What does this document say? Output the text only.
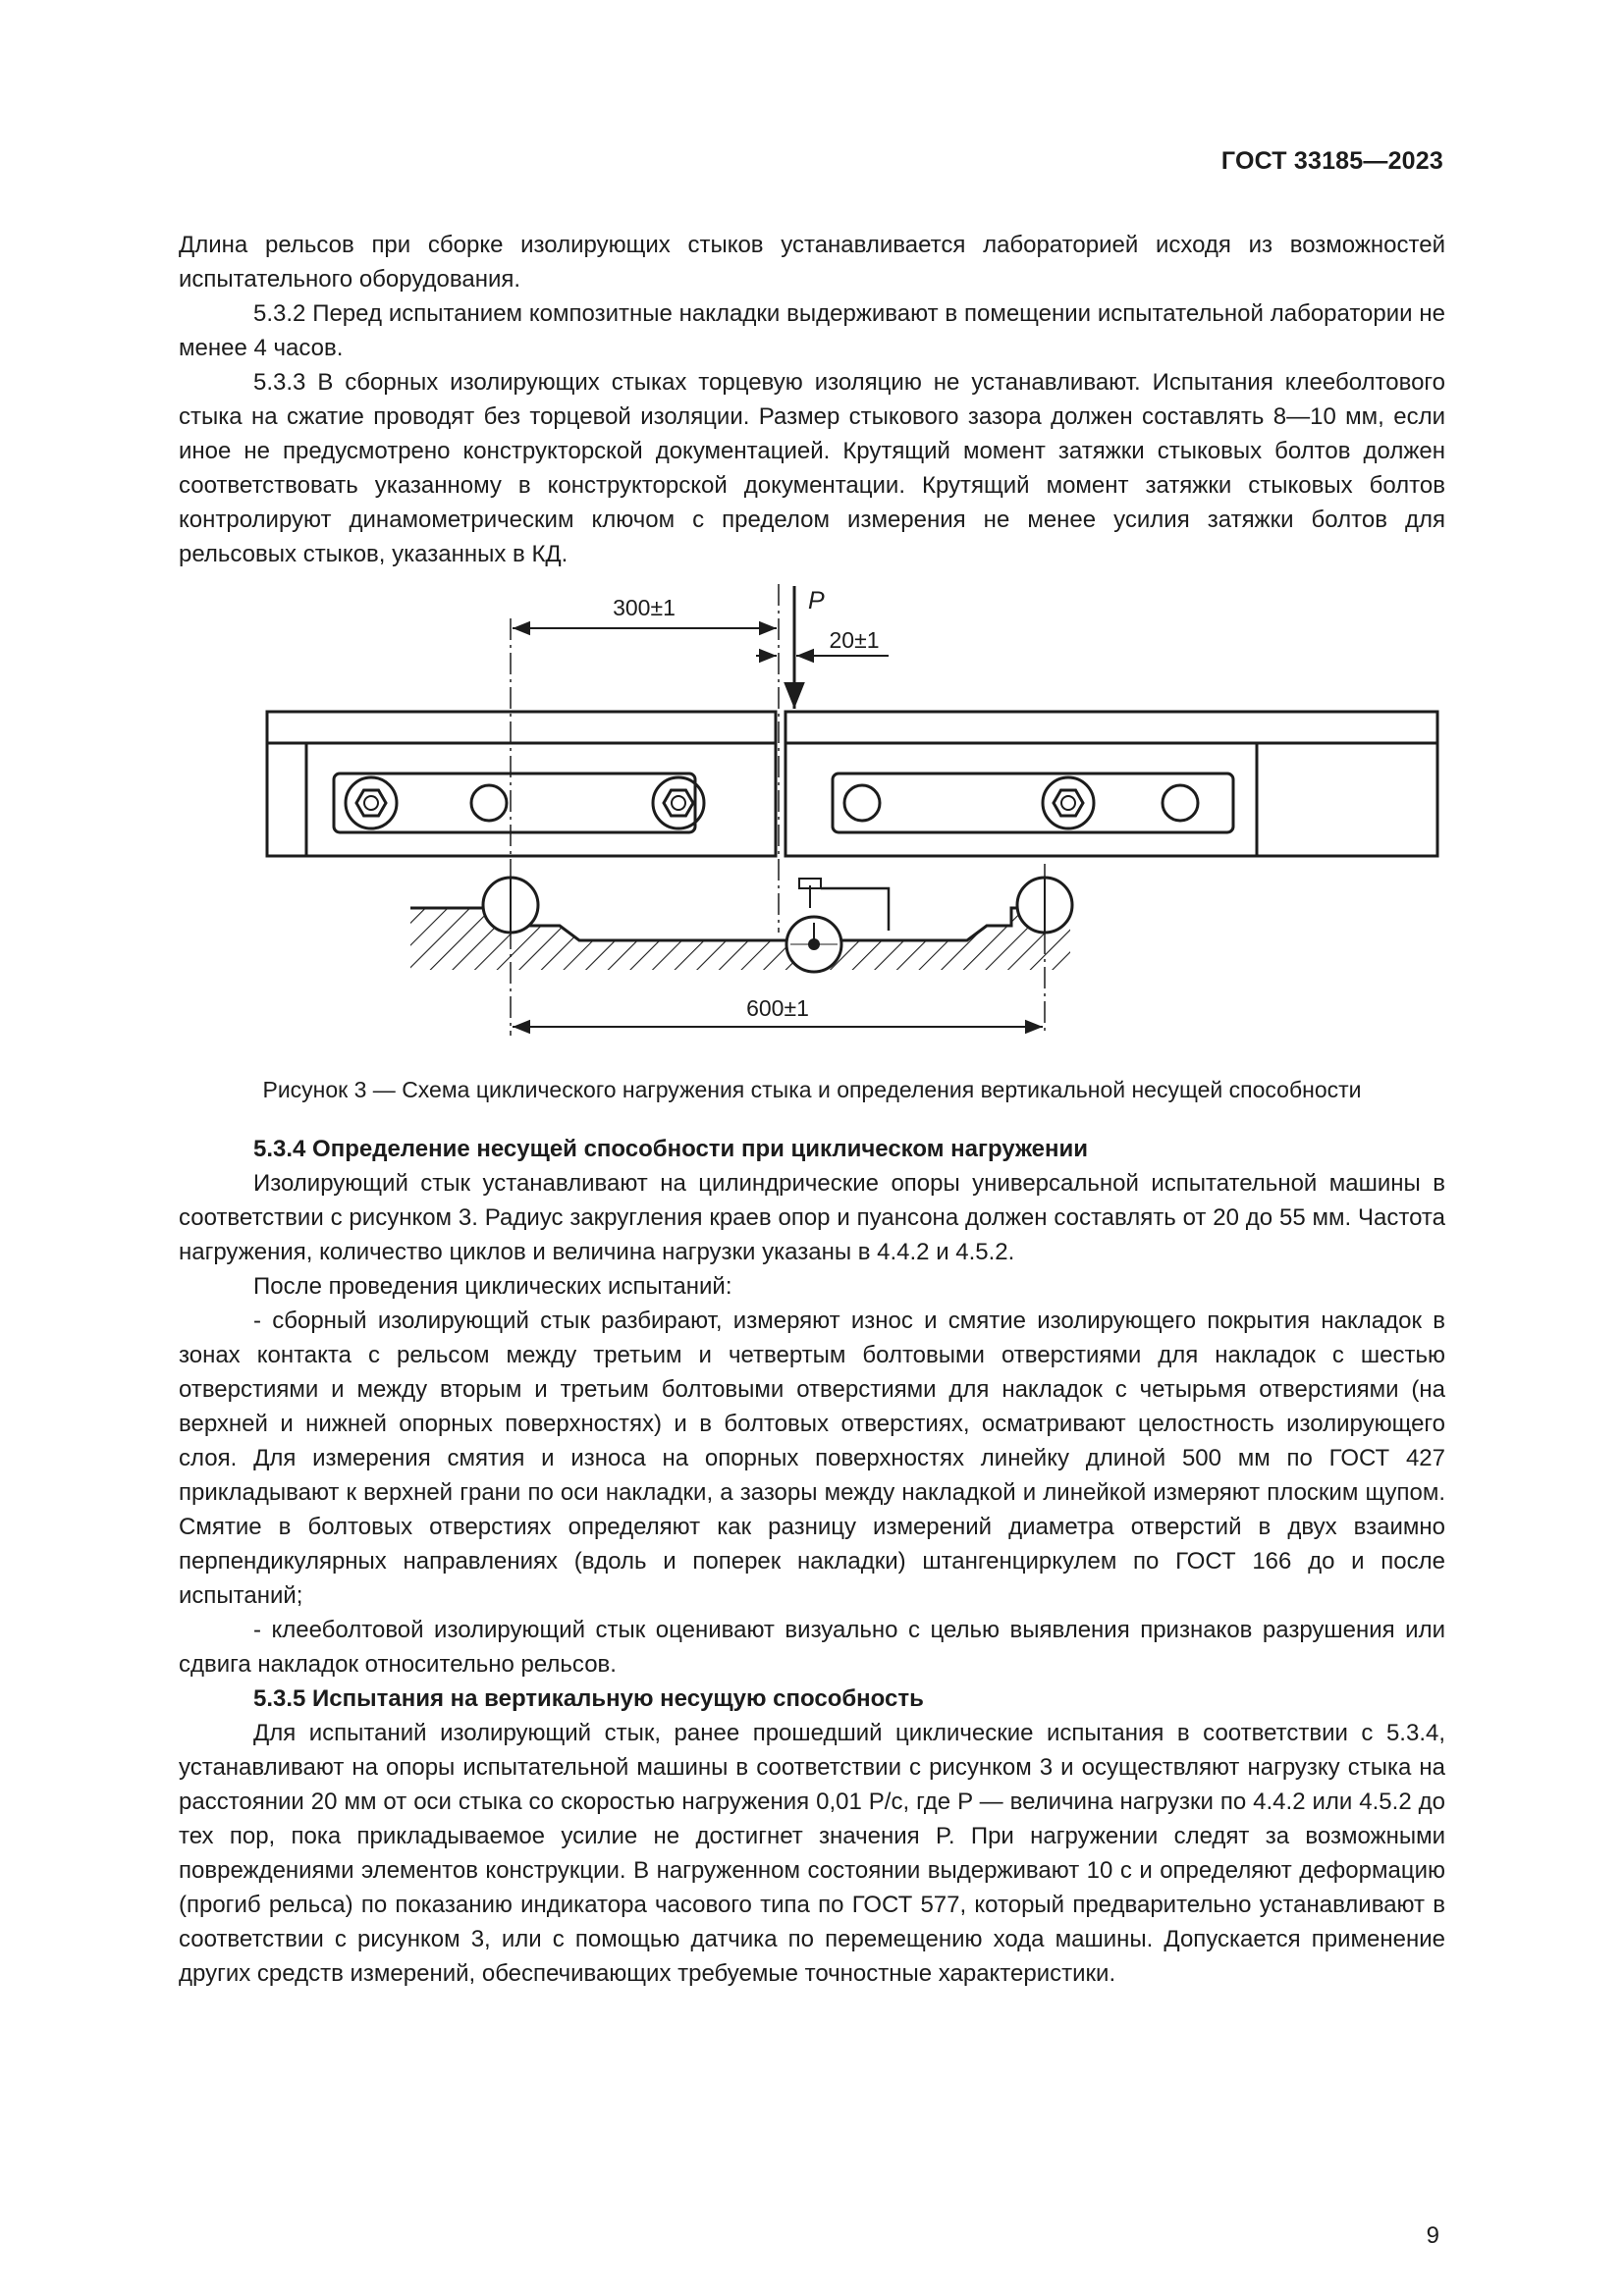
ГОСТ 33185—2023

Длина рельсов при сборке изолирующих стыков устанавливается лабораторией исходя из возможностей испытательного оборудования.

5.3.2 Перед испытанием композитные накладки выдерживают в помещении испытательной лаборатории не менее 4 часов.

5.3.3 В сборных изолирующих стыках торцевую изоляцию не устанавливают. Испытания клееболтового стыка на сжатие проводят без торцевой изоляции. Размер стыкового зазора должен составлять 8—10 мм, если иное не предусмотрено конструкторской документацией. Крутящий момент затяжки стыковых болтов должен соответствовать указанному в конструкторской документации. Крутящий момент затяжки стыковых болтов контролируют динамометрическим ключом с пределом измерения не менее усилия затяжки болтов для рельсовых стыков, указанных в КД.

P
300±1
20±1
600±1
Рисунок 3 — Схема циклического нагружения стыка и определения вертикальной несущей способности

5.3.4 Определение несущей способности при циклическом нагружении

Изолирующий стык устанавливают на цилиндрические опоры универсальной испытательной машины в соответствии с рисунком 3. Радиус закругления краев опор и пуансона должен составлять от 20 до 55 мм. Частота нагружения, количество циклов и величина нагрузки указаны в 4.4.2 и 4.5.2.

После проведения циклических испытаний:

- сборный изолирующий стык разбирают, измеряют износ и смятие изолирующего покрытия накладок в зонах контакта с рельсом между третьим и четвертым болтовыми отверстиями для накладок с шестью отверстиями и между вторым и третьим болтовыми отверстиями для накладок с четырьмя отверстиями (на верхней и нижней опорных поверхностях) и в болтовых отверстиях, осматривают целостность изолирующего слоя. Для измерения смятия и износа на опорных поверхностях линейку длиной 500 мм по ГОСТ 427 прикладывают к верхней грани по оси накладки, а зазоры между накладкой и линейкой измеряют плоским щупом. Смятие в болтовых отверстиях определяют как разницу измерений диаметра отверстий в двух взаимно перпендикулярных направлениях (вдоль и поперек накладки) штангенциркулем по ГОСТ 166 до и после испытаний;

- клееболтовой изолирующий стык оценивают визуально с целью выявления признаков разрушения или сдвига накладок относительно рельсов.

5.3.5 Испытания на вертикальную несущую способность

Для испытаний изолирующий стык, ранее прошедший циклические испытания в соответствии с 5.3.4, устанавливают на опоры испытательной машины в соответствии с рисунком 3 и осуществляют нагрузку стыка на расстоянии 20 мм от оси стыка со скоростью нагружения 0,01 P/с, где P — величина нагрузки по 4.4.2 или 4.5.2 до тех пор, пока прикладываемое усилие не достигнет значения P. При нагружении следят за возможными повреждениями элементов конструкции. В нагруженном состоянии выдерживают 10 с и определяют деформацию (прогиб рельса) по показанию индикатора часового типа по ГОСТ 577, который предварительно устанавливают в соответствии с рисунком 3, или с помощью датчика по перемещению хода машины. Допускается применение других средств измерений, обеспечивающих требуемые точностные характеристики.

9
